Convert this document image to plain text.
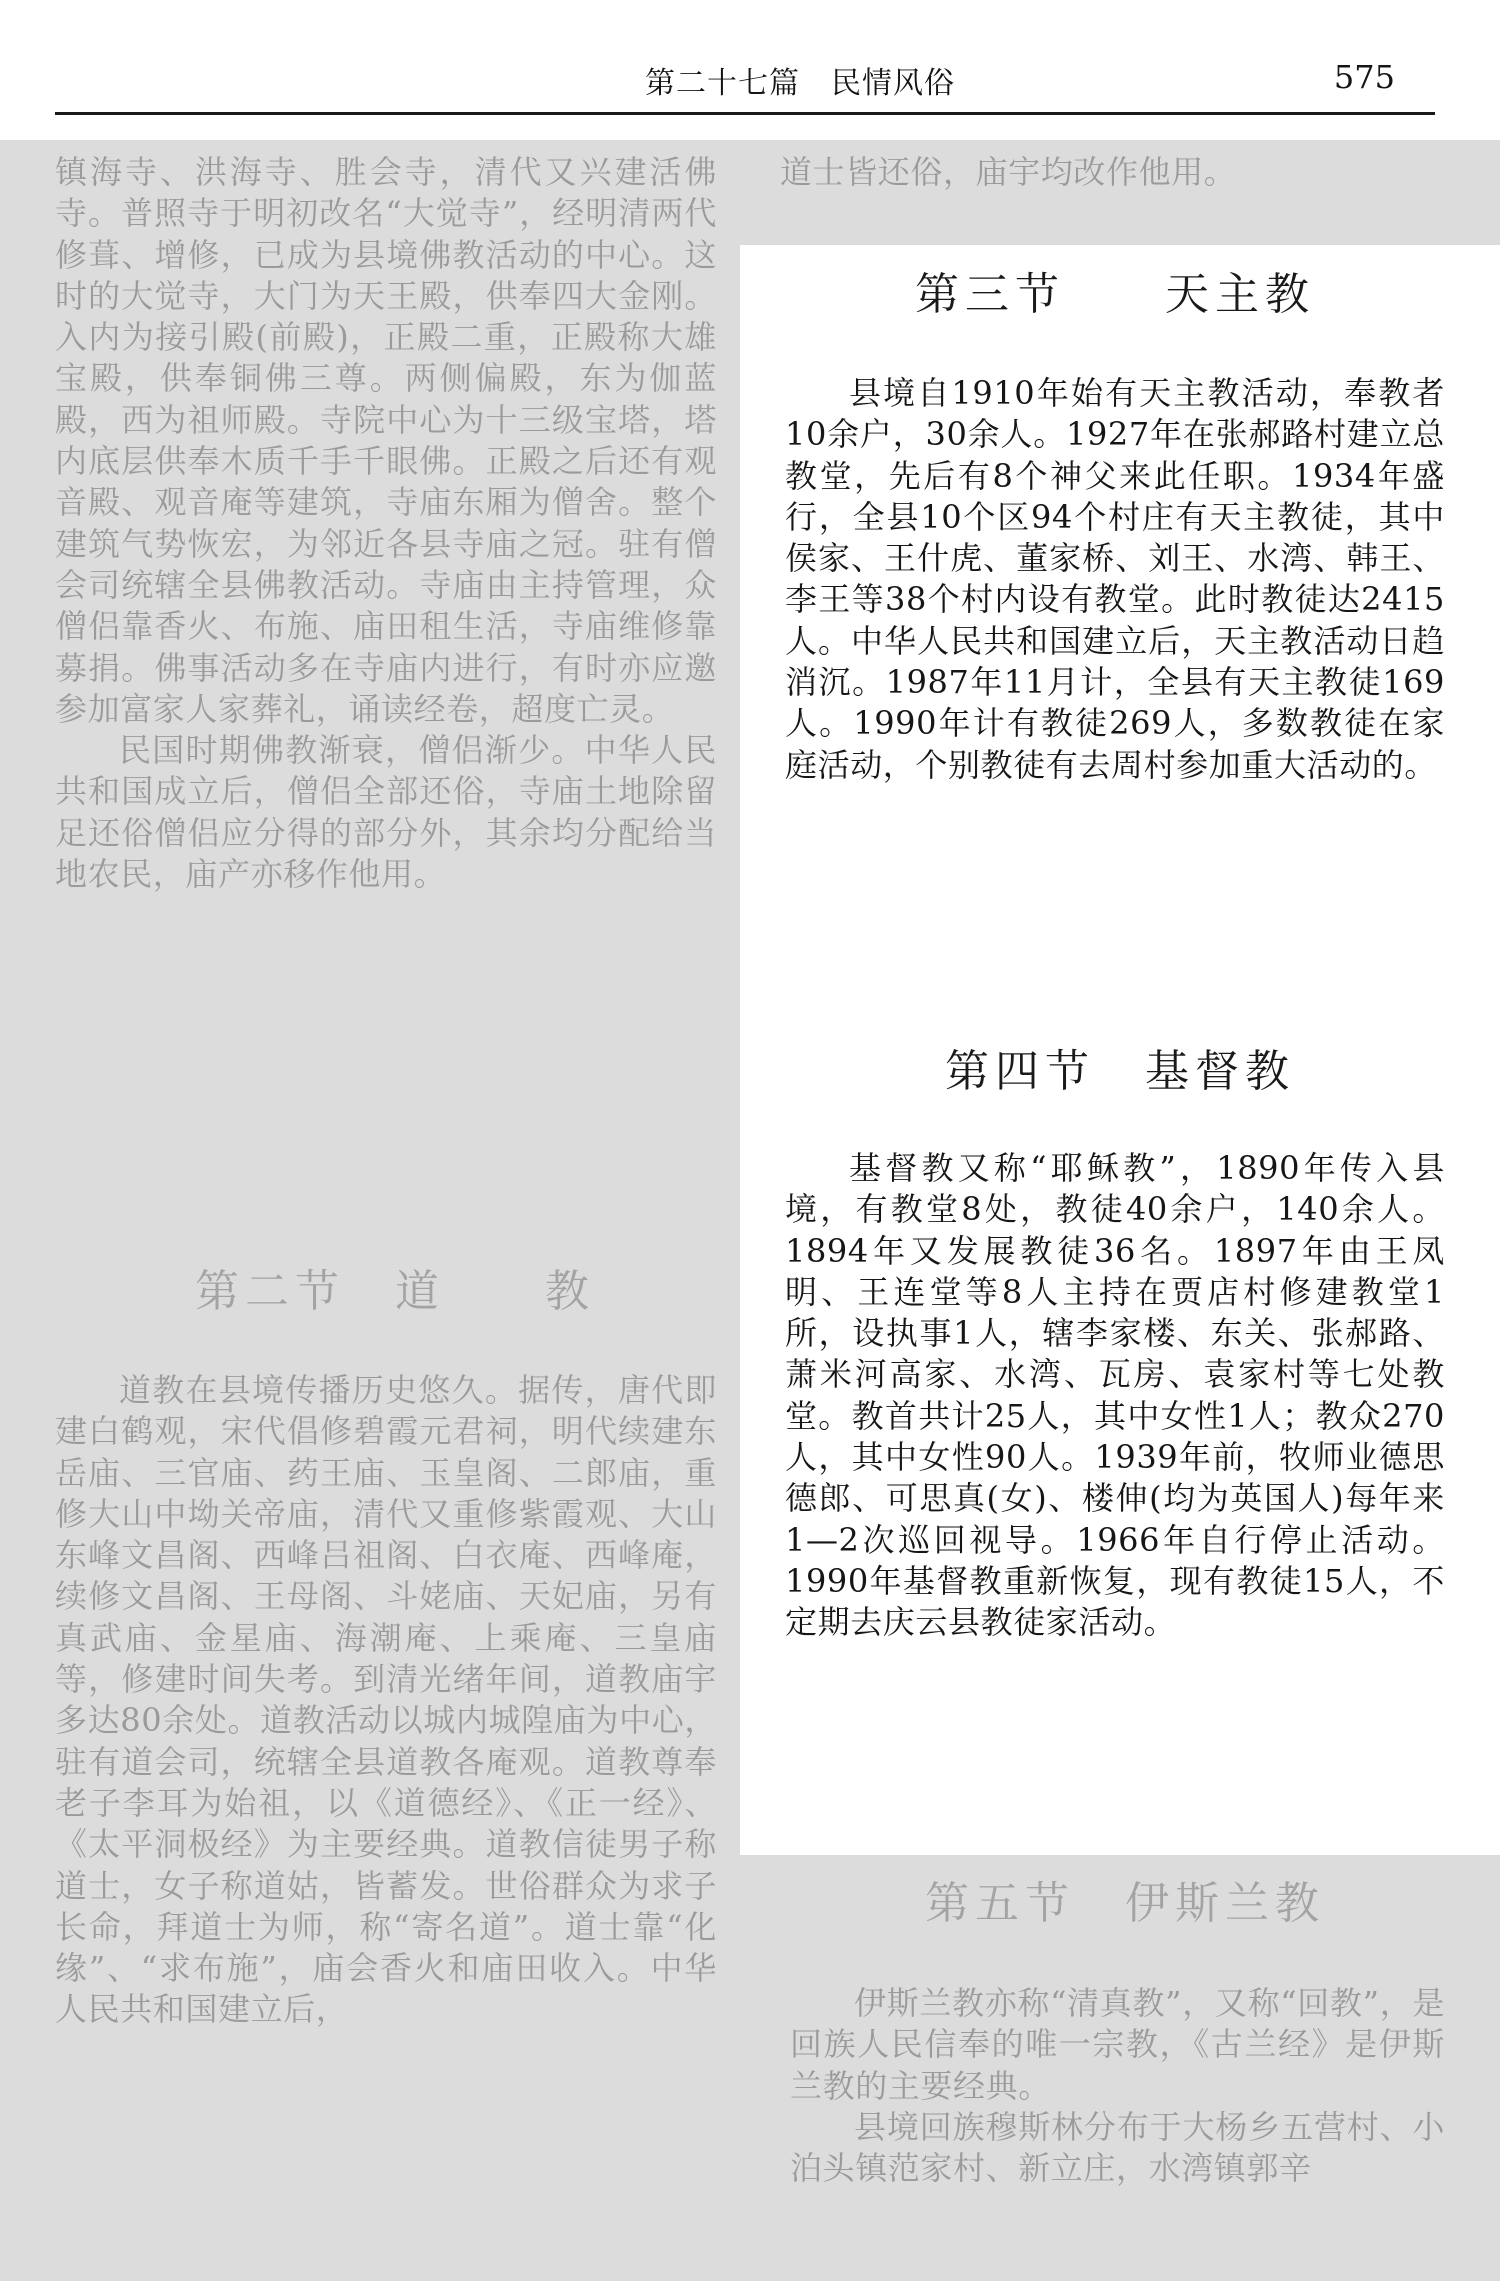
第二十七篇　民情风俗	575

镇海寺、洪海寺、胜会寺，清代又兴建活佛寺。普照寺于明初改名“大觉寺”，经明清两代修葺、增修，已成为县境佛教活动的中心。这时的大觉寺，大门为天王殿，供奉四大金刚。入内为接引殿(前殿)，正殿二重，正殿称大雄宝殿，供奉铜佛三尊。两侧偏殿，东为伽蓝殿，西为祖师殿。寺院中心为十三级宝塔，塔内底层供奉木质千手千眼佛。正殿之后还有观音殿、观音庵等建筑，寺庙东厢为僧舍。整个建筑气势恢宏，为邻近各县寺庙之冠。驻有僧会司统辖全县佛教活动。寺庙由主持管理，众僧侣靠香火、布施、庙田租生活，寺庙维修靠募捐。佛事活动多在寺庙内进行，有时亦应邀参加富家人家葬礼，诵读经卷，超度亡灵。

民国时期佛教渐衰，僧侣渐少。中华人民共和国成立后，僧侣全部还俗，寺庙土地除留足还俗僧侣应分得的部分外，其余均分配给当地农民，庙产亦移作他用。

第二节　道　　教

道教在县境传播历史悠久。据传，唐代即建白鹤观，宋代倡修碧霞元君祠，明代续建东岳庙、三官庙、药王庙、玉皇阁、二郎庙，重修大山中坳关帝庙，清代又重修紫霞观、大山东峰文昌阁、西峰吕祖阁、白衣庵、西峰庵，续修文昌阁、王母阁、斗姥庙、天妃庙，另有真武庙、金星庙、海潮庵、上乘庵、三皇庙等，修建时间失考。到清光绪年间，道教庙宇多达80余处。道教活动以城内城隍庙为中心，驻有道会司，统辖全县道教各庵观。道教尊奉老子李耳为始祖，以《道德经》、《正一经》、《太平洞极经》为主要经典。道教信徒男子称道士，女子称道姑，皆蓄发。世俗群众为求子长命，拜道士为师，称“寄名道”。道士靠“化缘”、“求布施”，庙会香火和庙田收入。中华人民共和国建立后，

道士皆还俗，庙宇均改作他用。

第三节　　天主教

县境自1910年始有天主教活动，奉教者10余户，30余人。1927年在张郝路村建立总教堂，先后有8个神父来此任职。1934年盛行，全县10个区94个村庄有天主教徒，其中侯家、王什虎、董家桥、刘王、水湾、韩王、李王等38个村内设有教堂。此时教徒达2415人。中华人民共和国建立后，天主教活动日趋消沉。1987年11月计，全县有天主教徒169人。1990年计有教徒269人，多数教徒在家庭活动，个别教徒有去周村参加重大活动的。

第四节　基督教

基督教又称“耶稣教”，1890年传入县境，有教堂8处，教徒40余户，140余人。1894年又发展教徒36名。1897年由王凤明、王连堂等8人主持在贾店村修建教堂1所，设执事1人，辖李家楼、东关、张郝路、萧米河高家、水湾、瓦房、袁家村等七处教堂。教首共计25人，其中女性1人；教众270人，其中女性90人。1939年前，牧师业德思德郎、可思真(女)、楼伸(均为英国人)每年来1—2次巡回视导。1966年自行停止活动。1990年基督教重新恢复，现有教徒15人，不定期去庆云县教徒家活动。

第五节　伊斯兰教

伊斯兰教亦称“清真教”，又称“回教”，是回族人民信奉的唯一宗教，《古兰经》是伊斯兰教的主要经典。

县境回族穆斯林分布于大杨乡五营村、小泊头镇范家村、新立庄，水湾镇郭辛
